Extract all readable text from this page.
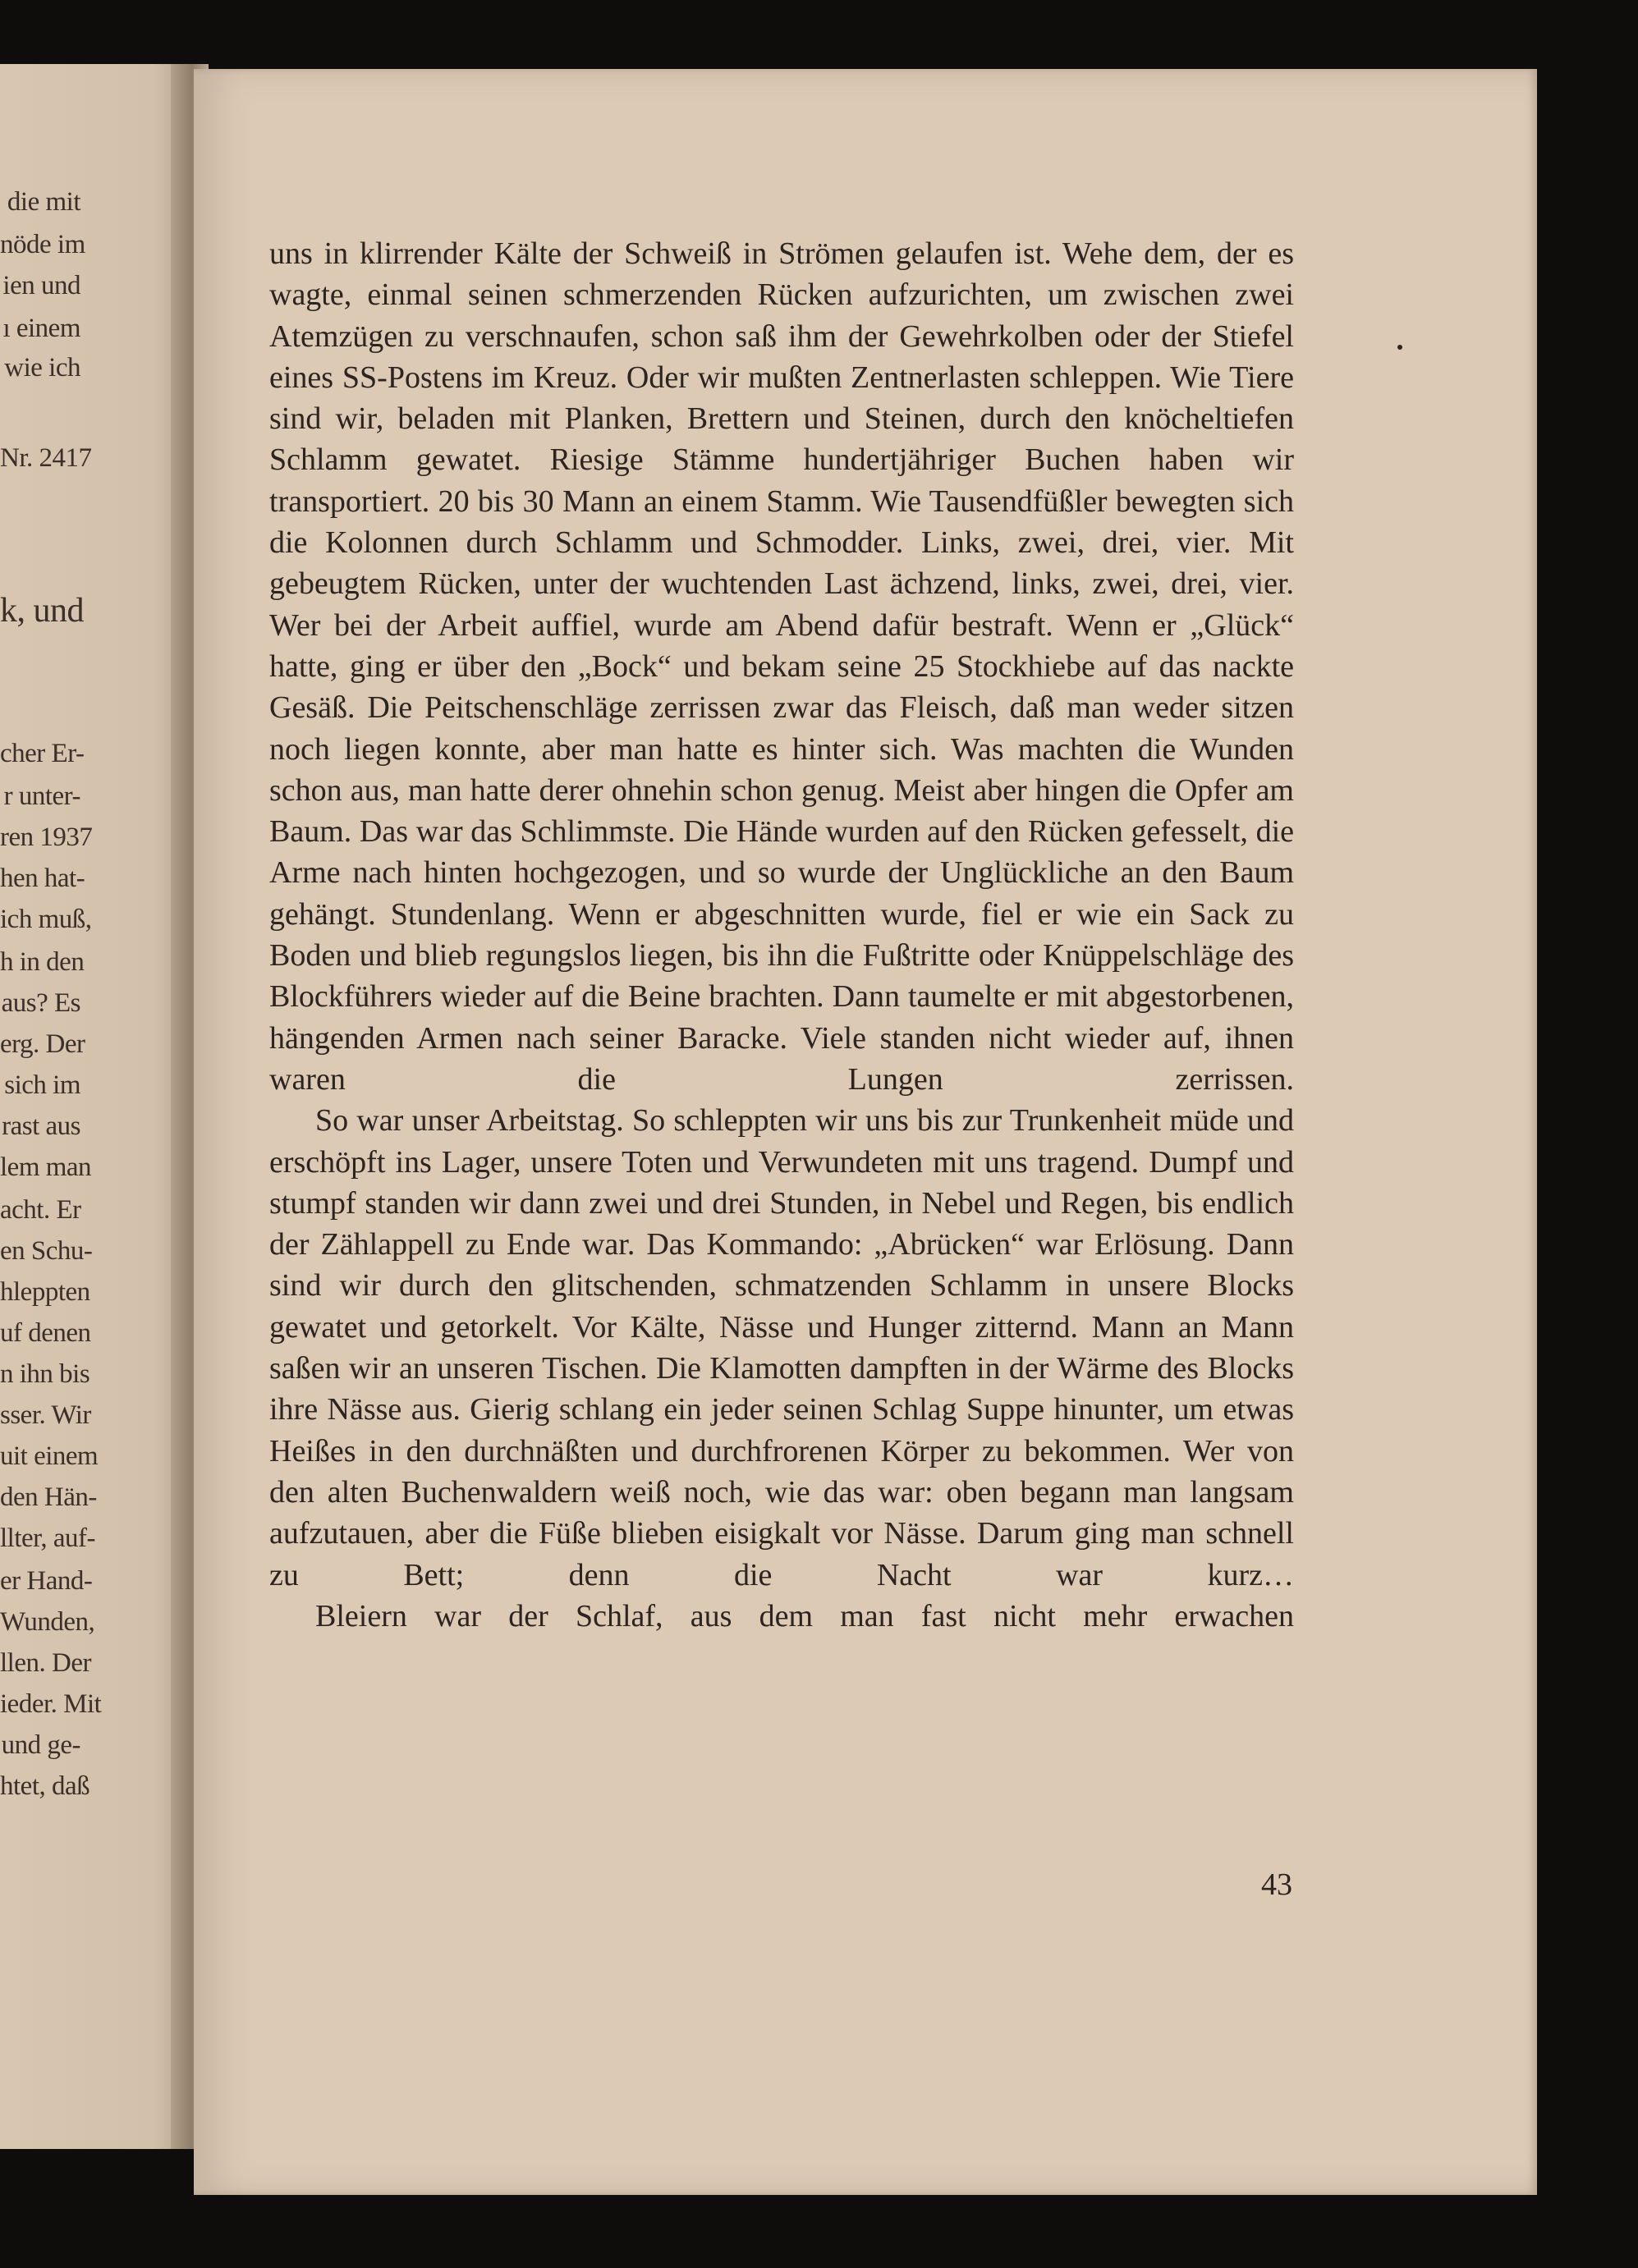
die mit
nöde im
ien und
ı einem
wie ich
Nr. 2417
k, und
cher Er-
r unter-
ren 1937
hen hat-
ich muß,
h in den
aus? Es
erg. Der
sich im
rast aus
lem man
acht. Er
en Schu-
hleppten
uf denen
n ihn bis
sser. Wir
uit einem
den Hän-
llter, auf-
er Hand-
Wunden,
llen. Der
ieder. Mit
und ge-
htet, daß

uns in klirrender Kälte der Schweiß in Strömen gelaufen ist. Wehe dem, der es wagte, einmal seinen schmerzenden Rücken aufzurichten, um zwischen zwei Atemzügen zu verschnaufen, schon saß ihm der Gewehrkolben oder der Stiefel eines SS-Postens im Kreuz. Oder wir mußten Zentnerlasten schleppen. Wie Tiere sind wir, beladen mit Planken, Brettern und Steinen, durch den knöcheltiefen Schlamm gewatet. Riesige Stämme hundertjähriger Buchen haben wir transportiert. 20 bis 30 Mann an einem Stamm. Wie Tausendfüßler bewegten sich die Kolonnen durch Schlamm und Schmodder. Links, zwei, drei, vier. Mit gebeugtem Rücken, unter der wuchtenden Last ächzend, links, zwei, drei, vier. Wer bei der Arbeit auffiel, wurde am Abend dafür bestraft. Wenn er „Glück“ hatte, ging er über den „Bock“ und bekam seine 25 Stockhiebe auf das nackte Gesäß. Die Peitschenschläge zerrissen zwar das Fleisch, daß man weder sitzen noch liegen konnte, aber man hatte es hinter sich. Was machten die Wunden schon aus, man hatte derer ohnehin schon genug. Meist aber hingen die Opfer am Baum. Das war das Schlimmste. Die Hände wurden auf den Rücken gefesselt, die Arme nach hinten hochgezogen, und so wurde der Unglückliche an den Baum gehängt. Stundenlang. Wenn er abgeschnitten wurde, fiel er wie ein Sack zu Boden und blieb regungslos liegen, bis ihn die Fußtritte oder Knüppelschläge des Blockführers wieder auf die Beine brachten. Dann taumelte er mit abgestorbenen, hängenden Armen nach seiner Baracke. Viele standen nicht wieder auf, ihnen waren die Lungen zerrissen.

So war unser Arbeitstag. So schleppten wir uns bis zur Trunkenheit müde und erschöpft ins Lager, unsere Toten und Verwundeten mit uns tragend. Dumpf und stumpf standen wir dann zwei und drei Stunden, in Nebel und Regen, bis endlich der Zählappell zu Ende war. Das Kommando: „Abrücken“ war Erlösung. Dann sind wir durch den glitschenden, schmatzenden Schlamm in unsere Blocks gewatet und getorkelt. Vor Kälte, Nässe und Hunger zitternd. Mann an Mann saßen wir an unseren Tischen. Die Klamotten dampften in der Wärme des Blocks ihre Nässe aus. Gierig schlang ein jeder seinen Schlag Suppe hinunter, um etwas Heißes in den durchnäßten und durchfrorenen Körper zu bekommen. Wer von den alten Buchenwaldern weiß noch, wie das war: oben begann man langsam aufzutauen, aber die Füße blieben eisigkalt vor Nässe. Darum ging man schnell zu Bett; denn die Nacht war kurz…

Bleiern war der Schlaf, aus dem man fast nicht mehr erwachen

43
